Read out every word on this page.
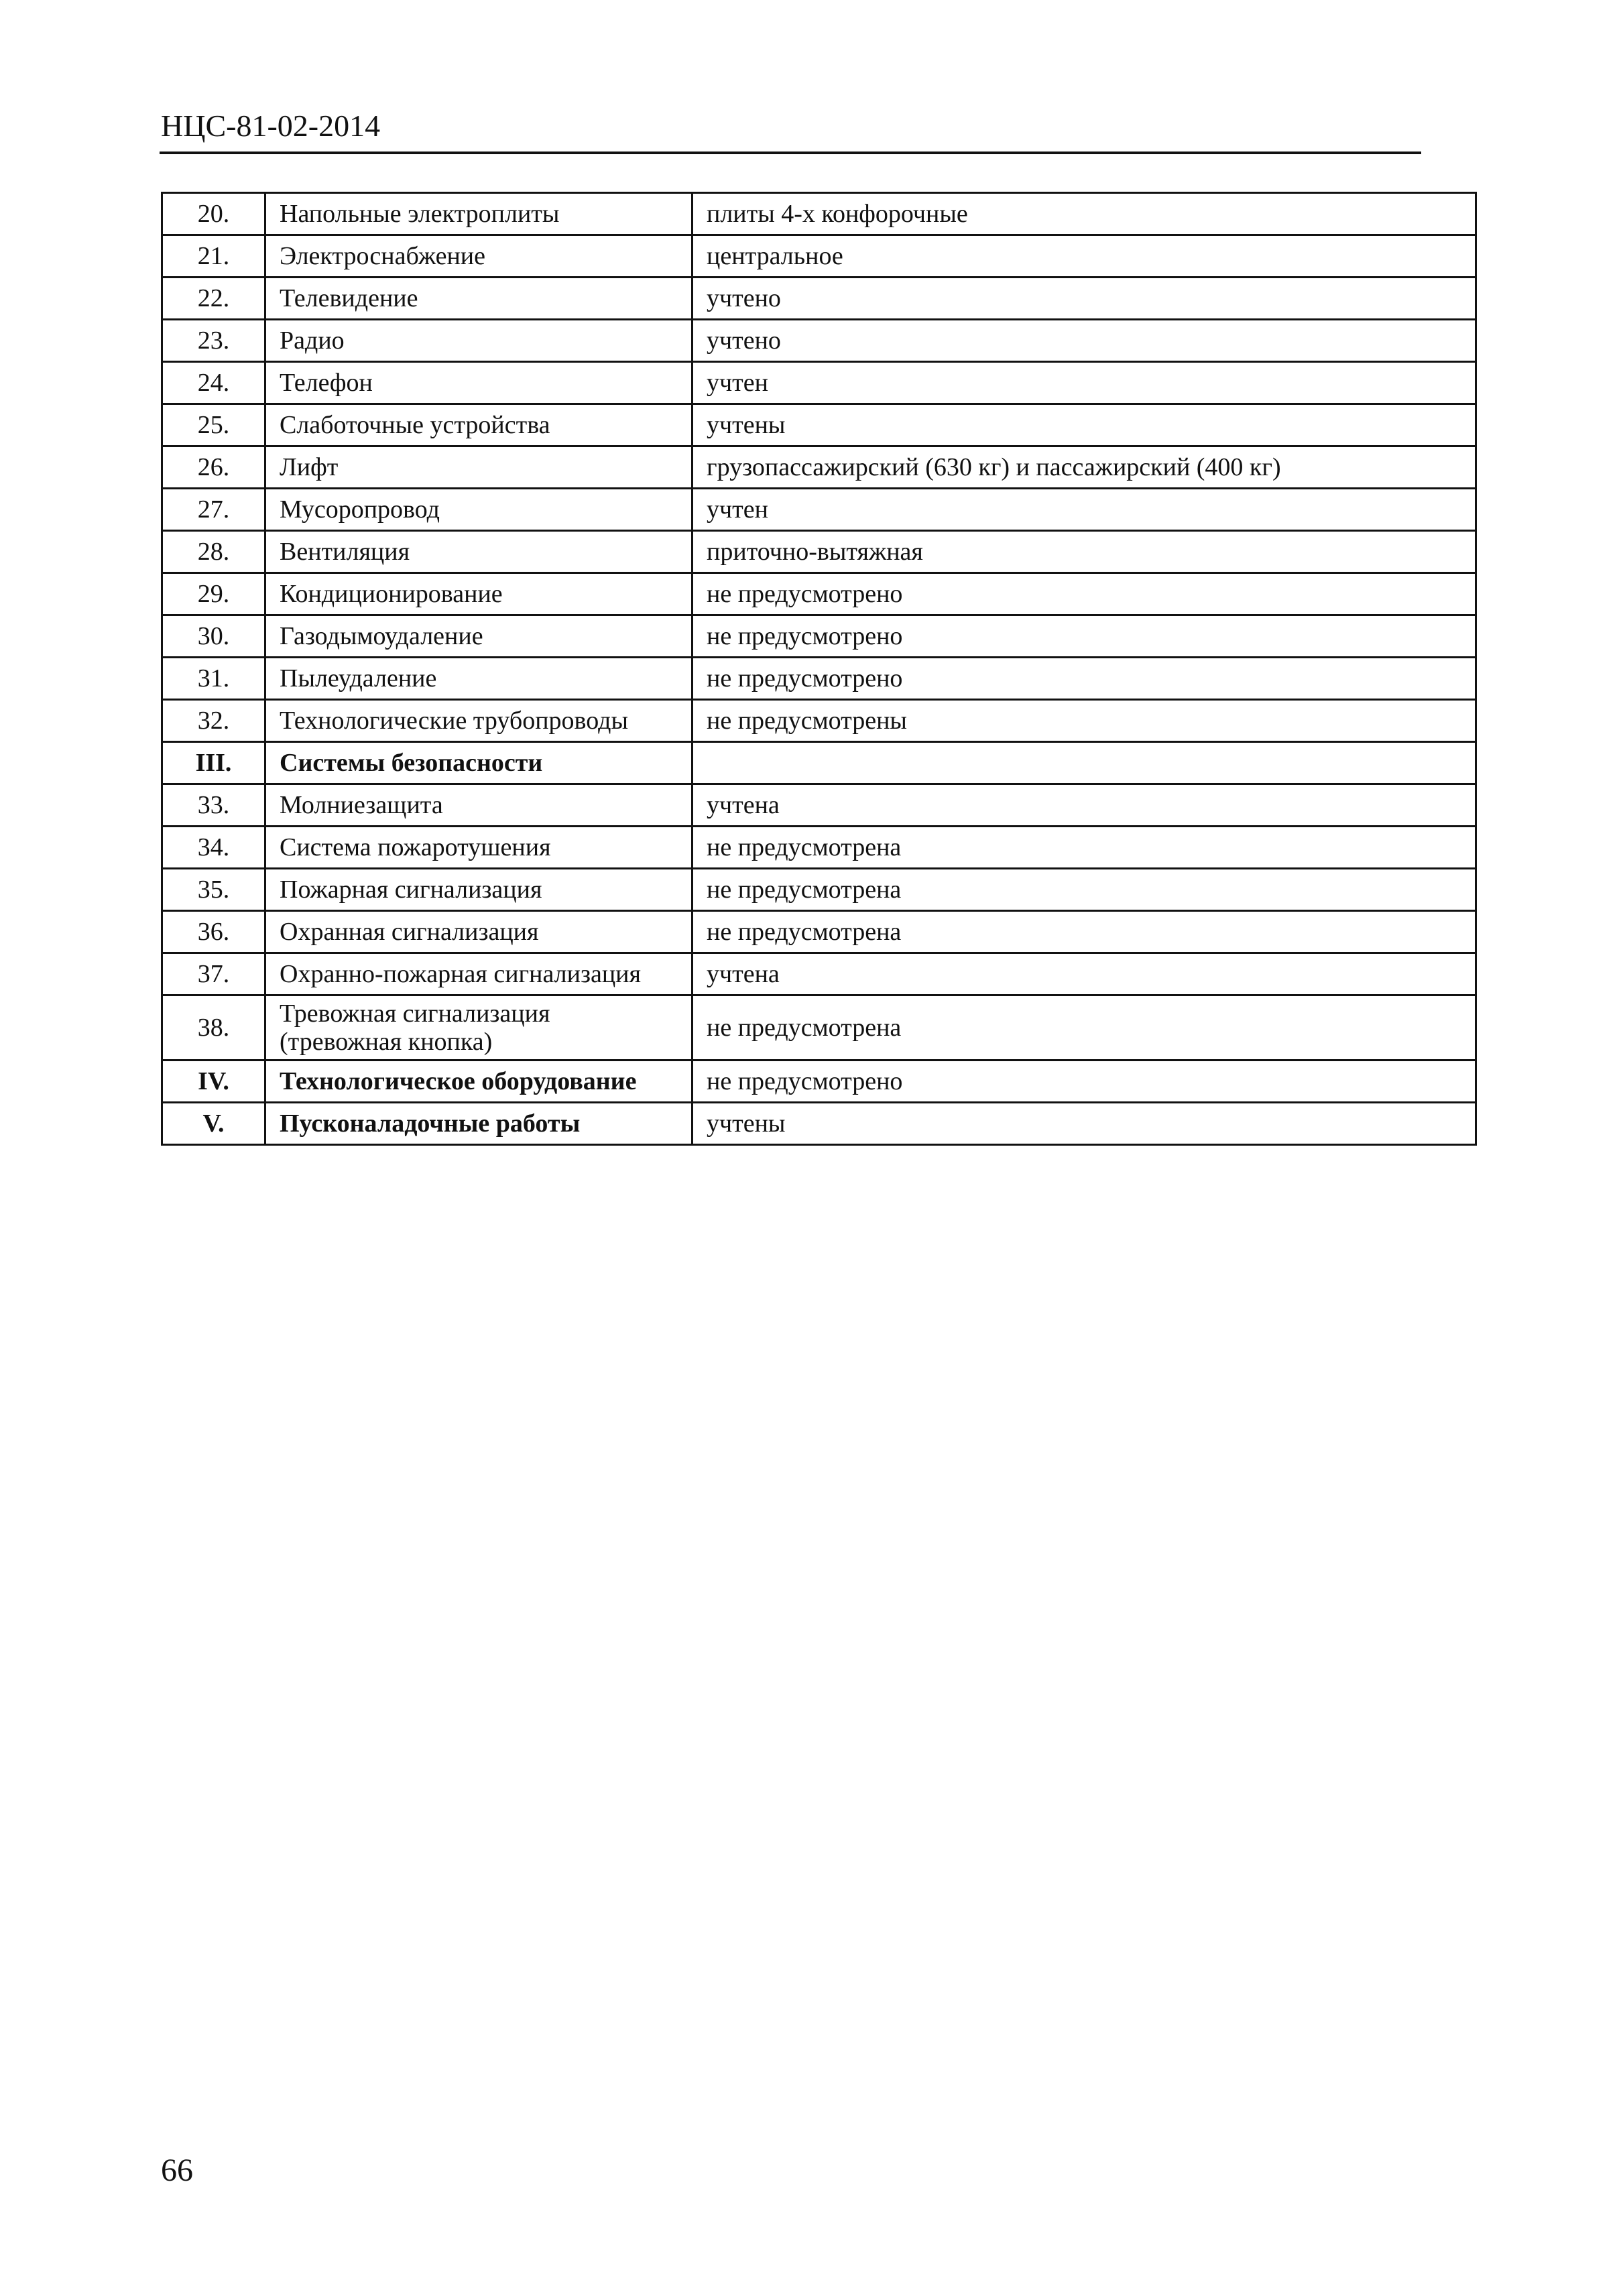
НЦС-81-02-2014
20.	Напольные электроплиты	плиты 4-х конфорочные
21.	Электроснабжение	центральное
22.	Телевидение	учтено
23.	Радио	учтено
24.	Телефон	учтен
25.	Слаботочные устройства	учтены
26.	Лифт	грузопассажирский (630 кг) и пассажирский (400 кг)
27.	Мусоропровод	учтен
28.	Вентиляция	приточно-вытяжная
29.	Кондиционирование	не предусмотрено
30.	Газодымоудаление	не предусмотрено
31.	Пылеудаление	не предусмотрено
32.	Технологические трубопроводы	не предусмотрены
III.	Системы безопасности	
33.	Молниезащита	учтена
34.	Система пожаротушения	не предусмотрена
35.	Пожарная сигнализация	не предусмотрена
36.	Охранная сигнализация	не предусмотрена
37.	Охранно-пожарная сигнализация	учтена
38.	Тревожная сигнализация (тревожная кнопка)	не предусмотрена
IV.	Технологическое оборудование	не предусмотрено
V.	Пусконаладочные работы	учтены
66
